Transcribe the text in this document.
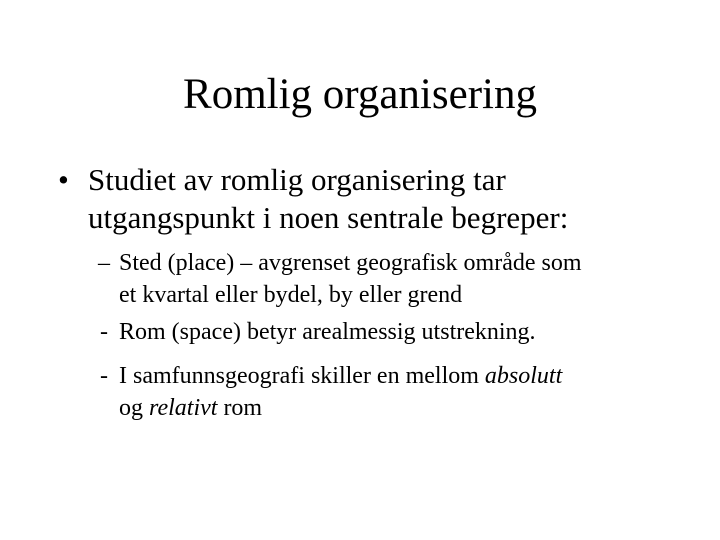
Romlig organisering
• Studiet av romlig organisering tar
utgangspunkt i noen sentrale begreper:
– Sted (place) – avgrenset geografisk område som
et kvartal eller bydel, by eller grend
- Rom (space) betyr arealmessig utstrekning.
- I samfunnsgeografi skiller en mellom absolutt
og relativt rom
